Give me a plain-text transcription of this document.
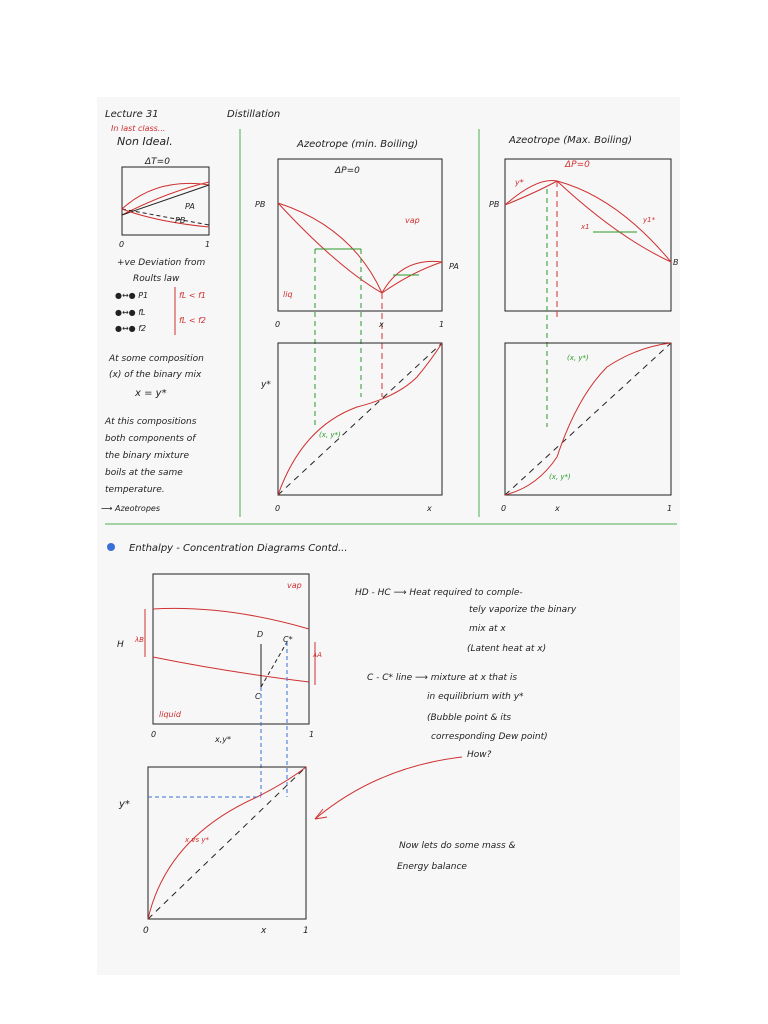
Lecture 31	Distillation
In last class...
Non Ideal.
ΔT=0
PA
PB
0	1
+ve Deviation from
Roults law
●↔● P1	fL < f1
●↔● fL
fL < f2
●↔● f2
At some composition
(x) of the binary mix
x = y*
At this compositions
both components of
the binary mixture
boils at the same
temperature.
⟶ Azeotropes
Azeotrope (min. Boiling)
ΔP=0
PB
PA
vap
liq
0	1
x
(x, y*)
y*
0	x
Azeotrope (Max. Boiling)
ΔP=0
PB
B
y*
x1
y1*
(x, y*)
(x, y*)
0	x	1
Enthalpy - Concentration Diagrams Contd...
vap
liquid
D
C
C*
H λB
λA
0
x,y*
1
y*
x vs y*
0	x	1
HD - HC ⟶ Heat required to comple-
tely vaporize the binary
mix at x
(Latent heat at x)
C - C* line ⟶ mixture at x that is
in equilibrium with y*
(Bubble point & its
corresponding Dew point)
How?
Now lets do some mass &
Energy balance
